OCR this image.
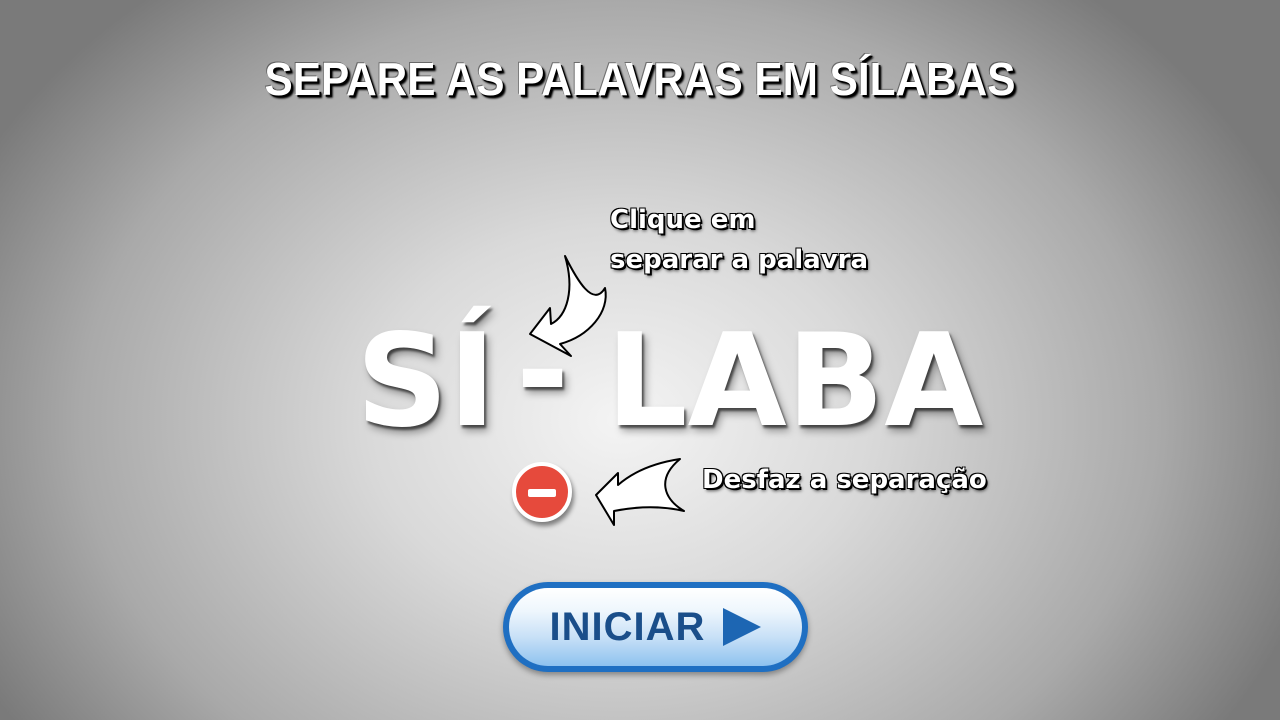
SEPARE AS PALAVRAS EM SÍLABAS
Clique em
separar a palavra
SÍ - LABA
Desfaz a separação
INICIAR
